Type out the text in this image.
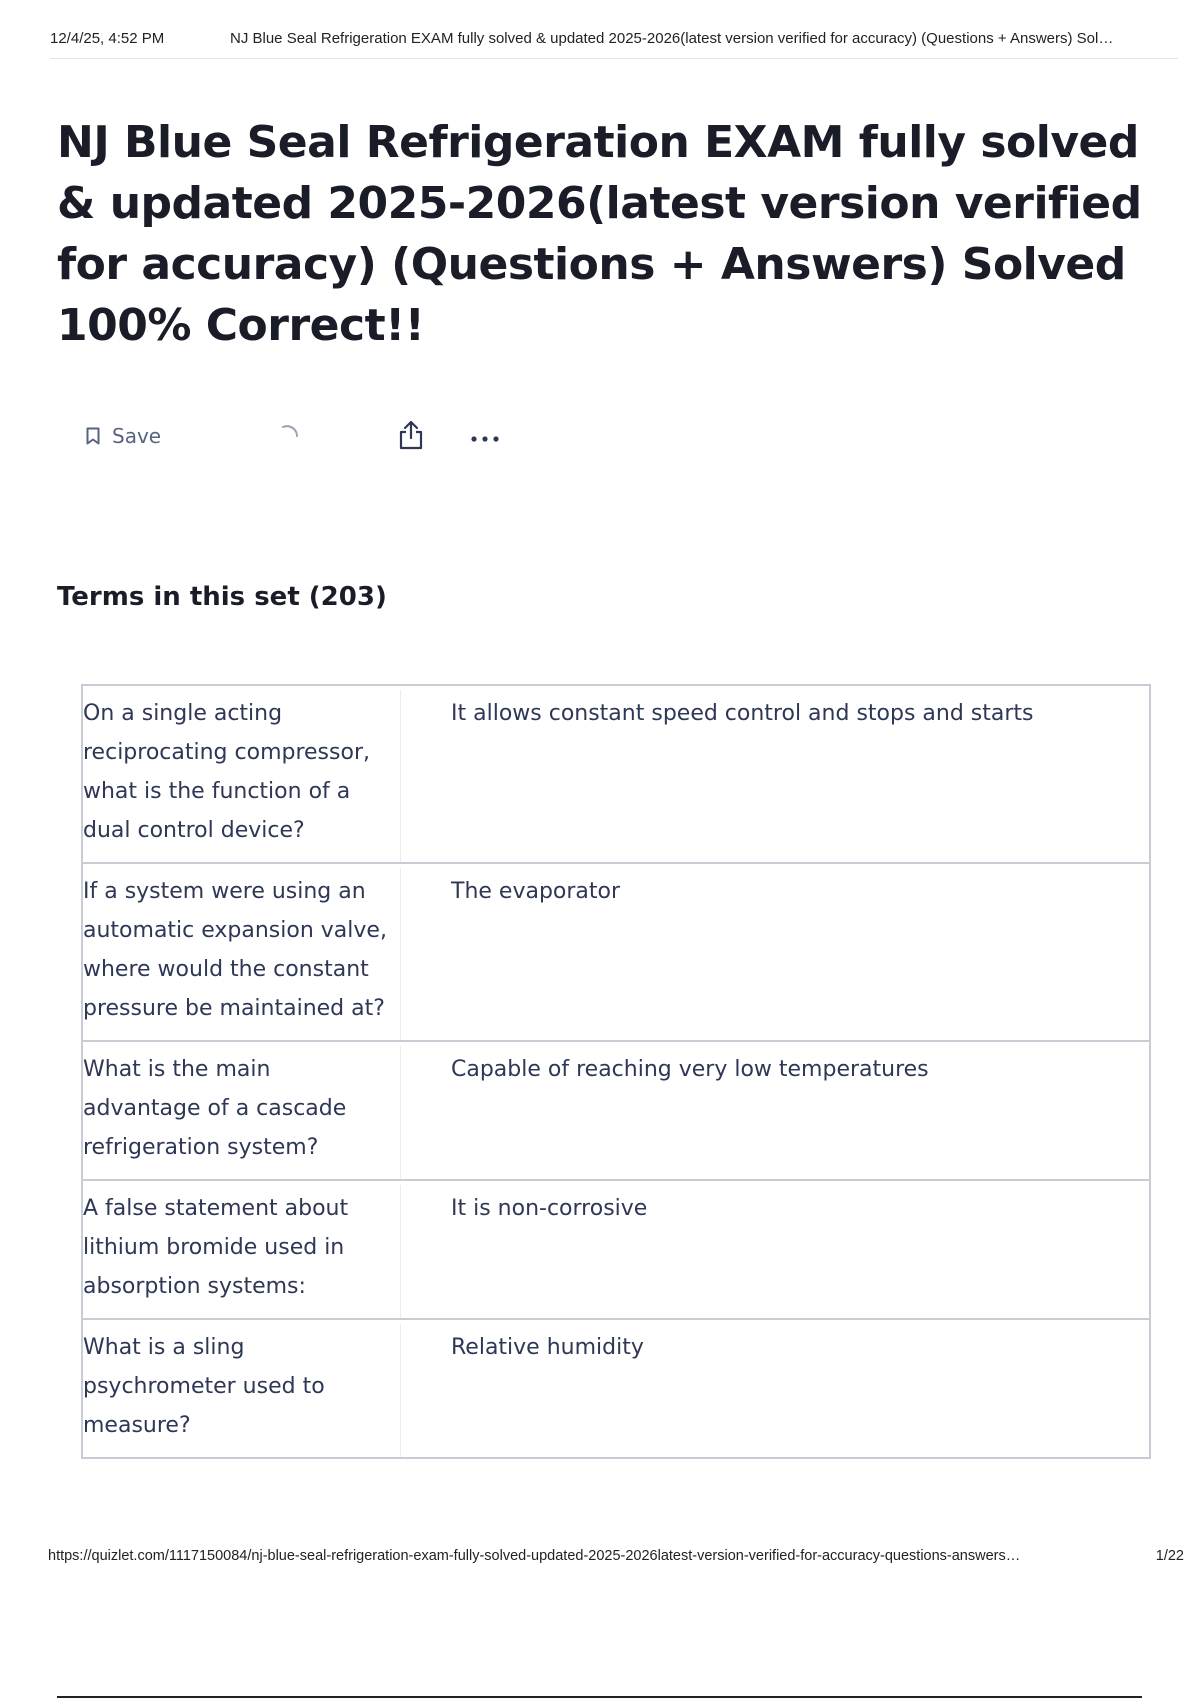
12/4/25, 4:52 PM	NJ Blue Seal Refrigeration EXAM fully solved & updated 2025-2026(latest version verified for accuracy) (Questions + Answers) Sol…
NJ Blue Seal Refrigeration EXAM fully solved & updated 2025-2026(latest version verified for accuracy) (Questions + Answers) Solved 100% Correct!!
Save
Terms in this set (203)
On a single acting reciprocating compressor, what is the function of a dual control device?
It allows constant speed control and stops and starts
If a system were using an automatic expansion valve, where would the constant pressure be maintained at?
The evaporator
What is the main advantage of a cascade refrigeration system?
Capable of reaching very low temperatures
A false statement about lithium bromide used in absorption systems:
It is non-corrosive
What is a sling psychrometer used to measure?
Relative humidity
https://quizlet.com/1117150084/nj-blue-seal-refrigeration-exam-fully-solved-updated-2025-2026latest-version-verified-for-accuracy-questions-answers…	1/22
